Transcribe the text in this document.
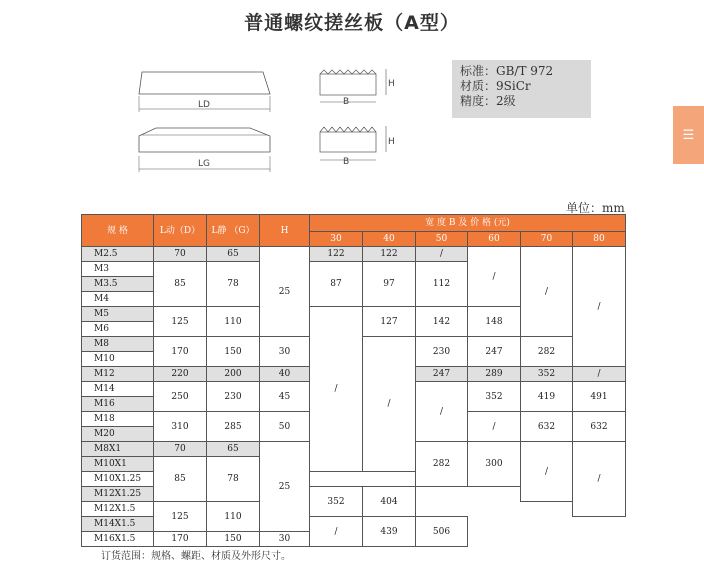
普通螺纹搓丝板（A型）
LD
LG
B
H
B
H
标准：GB/T 972
材质：9SiCr
精度：2级
☰
单位：mm
规 格	L动（D）	L静 （G）	H	宽 度 B 及 价 格 (元)					
				30	40	50	60	70	80
M2.5	70	65	25	122	122	/	/	/	/
M3	85	78		87	97	112			
M3.5									
M4									
M5	125	110		/	127	142	148		
M6									
M8	170	150	30		/	230	247	282	
M10									
M12	220	200	40			247	289	352	/
M14	250	230	45			/	352	419	491
M16									
M18	310	285	50				/	632	632
M20									
M8X1	70	65	25			282	300	/	/
M10X1	85	78							
M10X1.25									
M12X1.25				352	404				
M12X1.5	125	110							
M14X1.5				/	439	506			
M16X1.5	170	150	30						
订货范围：规格、螺距、材质及外形尺寸。
